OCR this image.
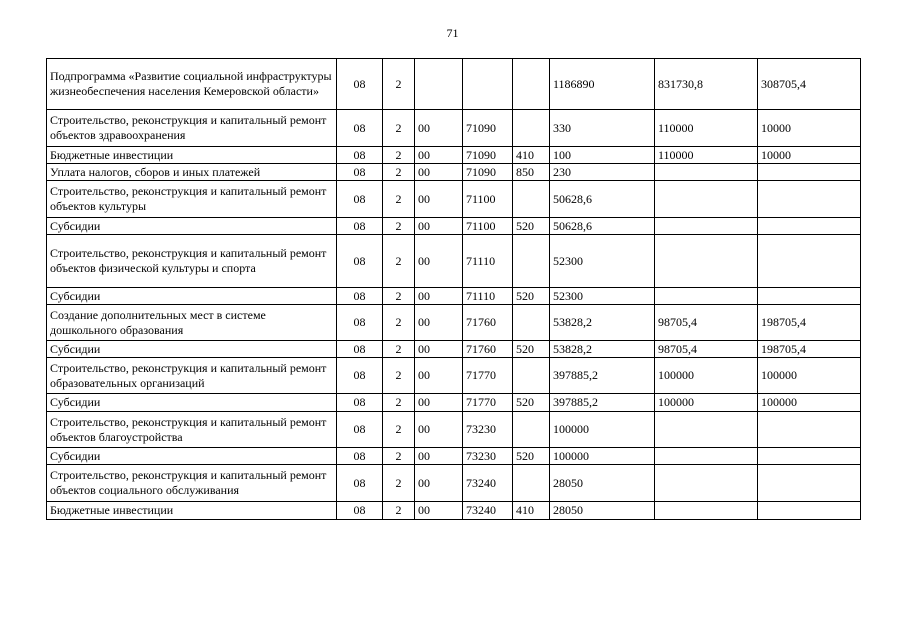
71
Подпрограмма «Развитие социальной инфраструктуры жизнеобеспечения населения Кемеровской области»	08	2				1186890	831730,8	308705,4
Строительство, реконструкция и капитальный ремонт объектов здравоохранения	08	2	00	71090		330	110000	10000
Бюджетные инвестиции	08	2	00	71090	410	100	110000	10000
Уплата налогов, сборов и иных платежей	08	2	00	71090	850	230		
Строительство, реконструкция и капитальный ремонт объектов культуры	08	2	00	71100		50628,6		
Субсидии	08	2	00	71100	520	50628,6		
Строительство, реконструкция и капитальный ремонт объектов физической культуры и спорта	08	2	00	71110		52300		
Субсидии	08	2	00	71110	520	52300		
Создание дополнительных мест в системе дошкольного образования	08	2	00	71760		53828,2	98705,4	198705,4
Субсидии	08	2	00	71760	520	53828,2	98705,4	198705,4
Строительство, реконструкция и капитальный ремонт образовательных организаций	08	2	00	71770		397885,2	100000	100000
Субсидии	08	2	00	71770	520	397885,2	100000	100000
Строительство, реконструкция и капитальный ремонт объектов благоустройства	08	2	00	73230		100000		
Субсидии	08	2	00	73230	520	100000		
Строительство, реконструкция и капитальный ремонт объектов социального обслуживания	08	2	00	73240		28050		
Бюджетные инвестиции	08	2	00	73240	410	28050		
